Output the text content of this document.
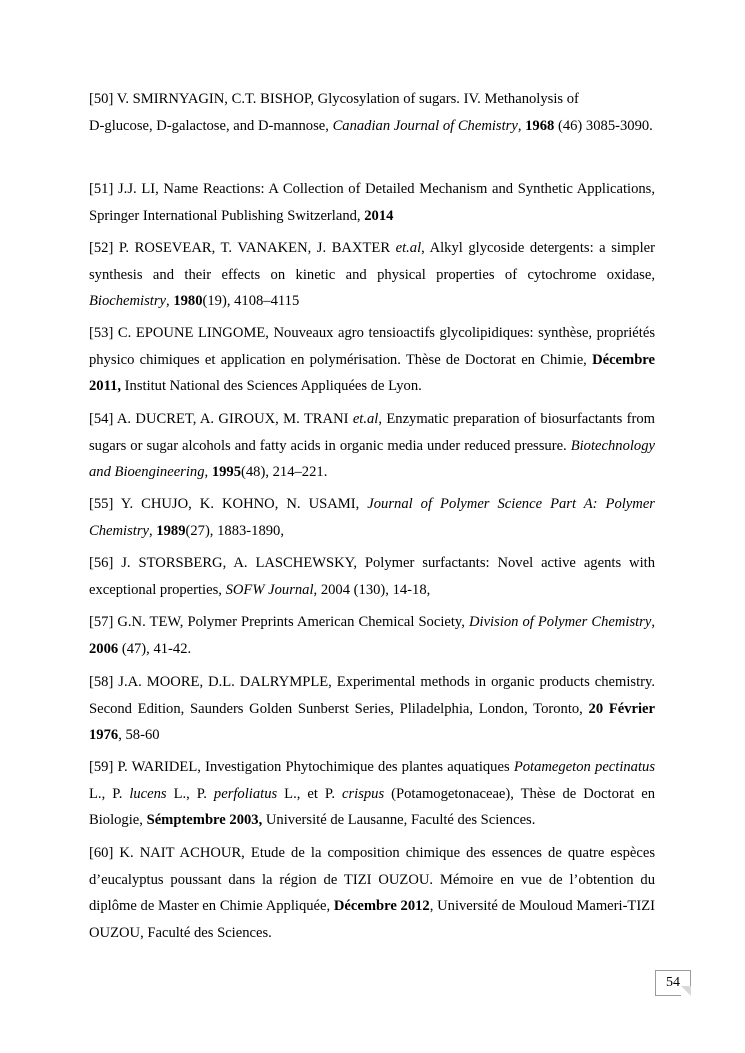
[50] V. SMIRNYAGIN, C.T. BISHOP, Glycosylation of sugars. IV. Methanolysis of
D-glucose, D-galactose, and D-mannose, Canadian Journal of Chemistry, 1968 (46) 3085-3090.

[51] J.J. LI, Name Reactions: A Collection of Detailed Mechanism and Synthetic Applications, Springer International Publishing Switzerland, 2014

[52] P. ROSEVEAR, T. VANAKEN, J. BAXTER et.al, Alkyl glycoside detergents: a simpler synthesis and their effects on kinetic and physical properties of cytochrome oxidase, Biochemistry, 1980(19), 4108–4115

[53] C. EPOUNE LINGOME, Nouveaux agro tensioactifs glycolipidiques: synthèse, propriétés physico chimiques et application en polymérisation. Thèse de Doctorat en Chimie, Décembre 2011, Institut National des Sciences Appliquées de Lyon.

[54] A. DUCRET, A. GIROUX, M. TRANI et.al, Enzymatic preparation of biosurfactants from sugars or sugar alcohols and fatty acids in organic media under reduced pressure. Biotechnology and Bioengineering, 1995(48), 214–221.

[55] Y. CHUJO, K. KOHNO, N. USAMI, Journal of Polymer Science Part A: Polymer Chemistry, 1989(27), 1883-1890,

[56] J. STORSBERG, A. LASCHEWSKY, Polymer surfactants: Novel active agents with exceptional properties, SOFW Journal, 2004 (130), 14-18,

[57] G.N. TEW, Polymer Preprints American Chemical Society, Division of Polymer Chemistry, 2006 (47), 41-42.

[58] J.A. MOORE, D.L. DALRYMPLE, Experimental methods in organic products chemistry. Second Edition, Saunders Golden Sunberst Series, Pliladelphia, London, Toronto, 20 Février 1976, 58-60

[59] P. WARIDEL, Investigation Phytochimique des plantes aquatiques Potamegeton pectinatus L., P. lucens L., P. perfoliatus L., et P. crispus (Potamogetonaceae), Thèse de Doctorat en Biologie, Sémptembre 2003, Université de Lausanne, Faculté des Sciences.

[60] K. NAIT ACHOUR, Etude de la composition chimique des essences de quatre espèces d’eucalyptus poussant dans la région de TIZI OUZOU. Mémoire en vue de l’obtention du diplôme de Master en Chimie Appliquée, Décembre 2012, Université de Mouloud Mameri-TIZI OUZOU, Faculté des Sciences.

54
